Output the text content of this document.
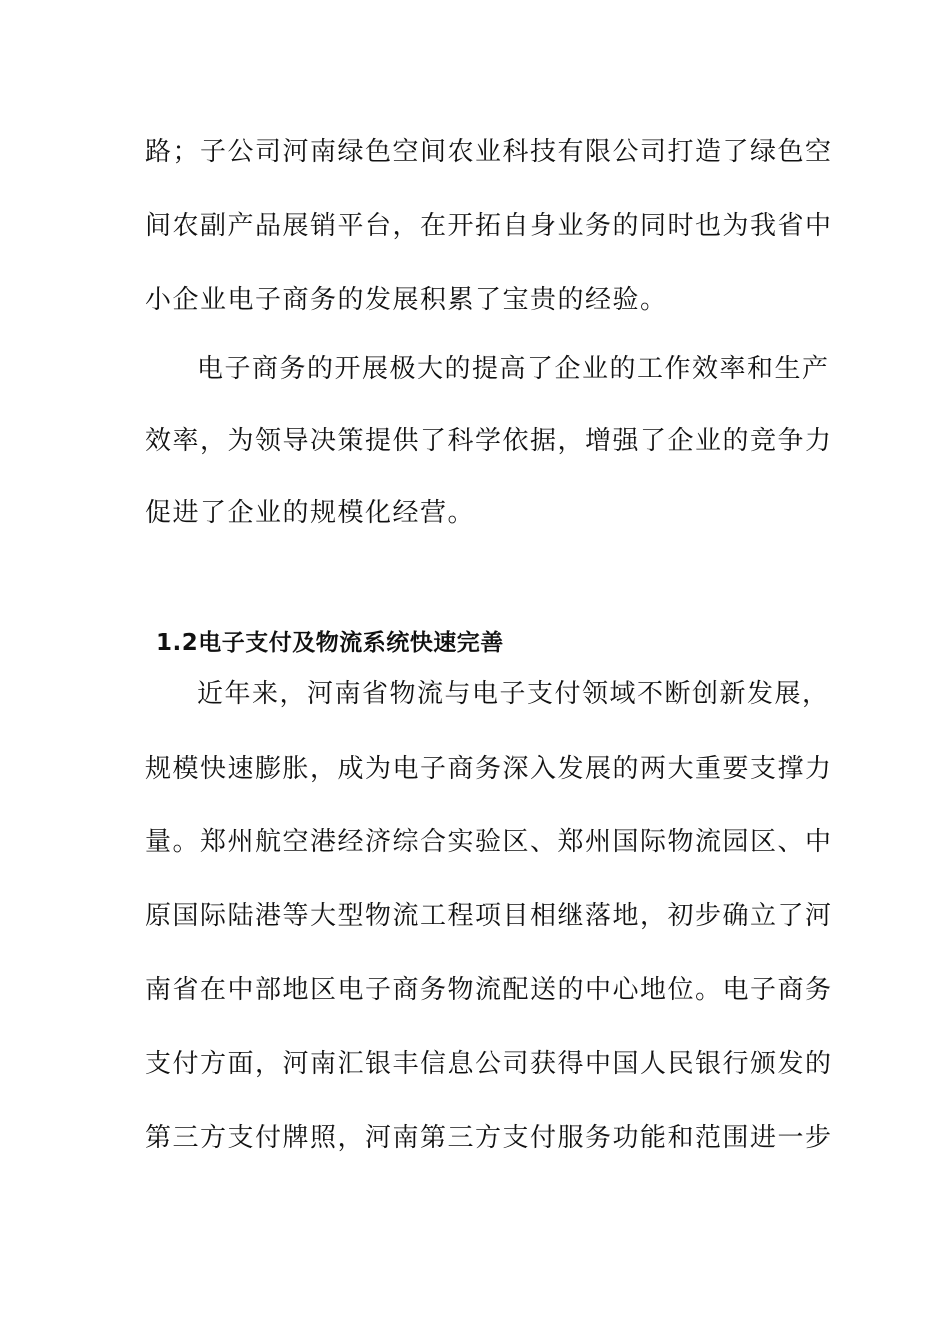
路；子公司河南绿色空间农业科技有限公司打造了绿色空
间农副产品展销平台，在开拓自身业务的同时也为我省中
小企业电子商务的发展积累了宝贵的经验。
电子商务的开展极大的提高了企业的工作效率和生产
效率，为领导决策提供了科学依据，增强了企业的竞争力
促进了企业的规模化经营。
1.2电子支付及物流系统快速完善
近年来，河南省物流与电子支付领域不断创新发展，
规模快速膨胀，成为电子商务深入发展的两大重要支撑力
量。郑州航空港经济综合实验区、郑州国际物流园区、中
原国际陆港等大型物流工程项目相继落地，初步确立了河
南省在中部地区电子商务物流配送的中心地位。电子商务
支付方面，河南汇银丰信息公司获得中国人民银行颁发的
第三方支付牌照，河南第三方支付服务功能和范围进一步
